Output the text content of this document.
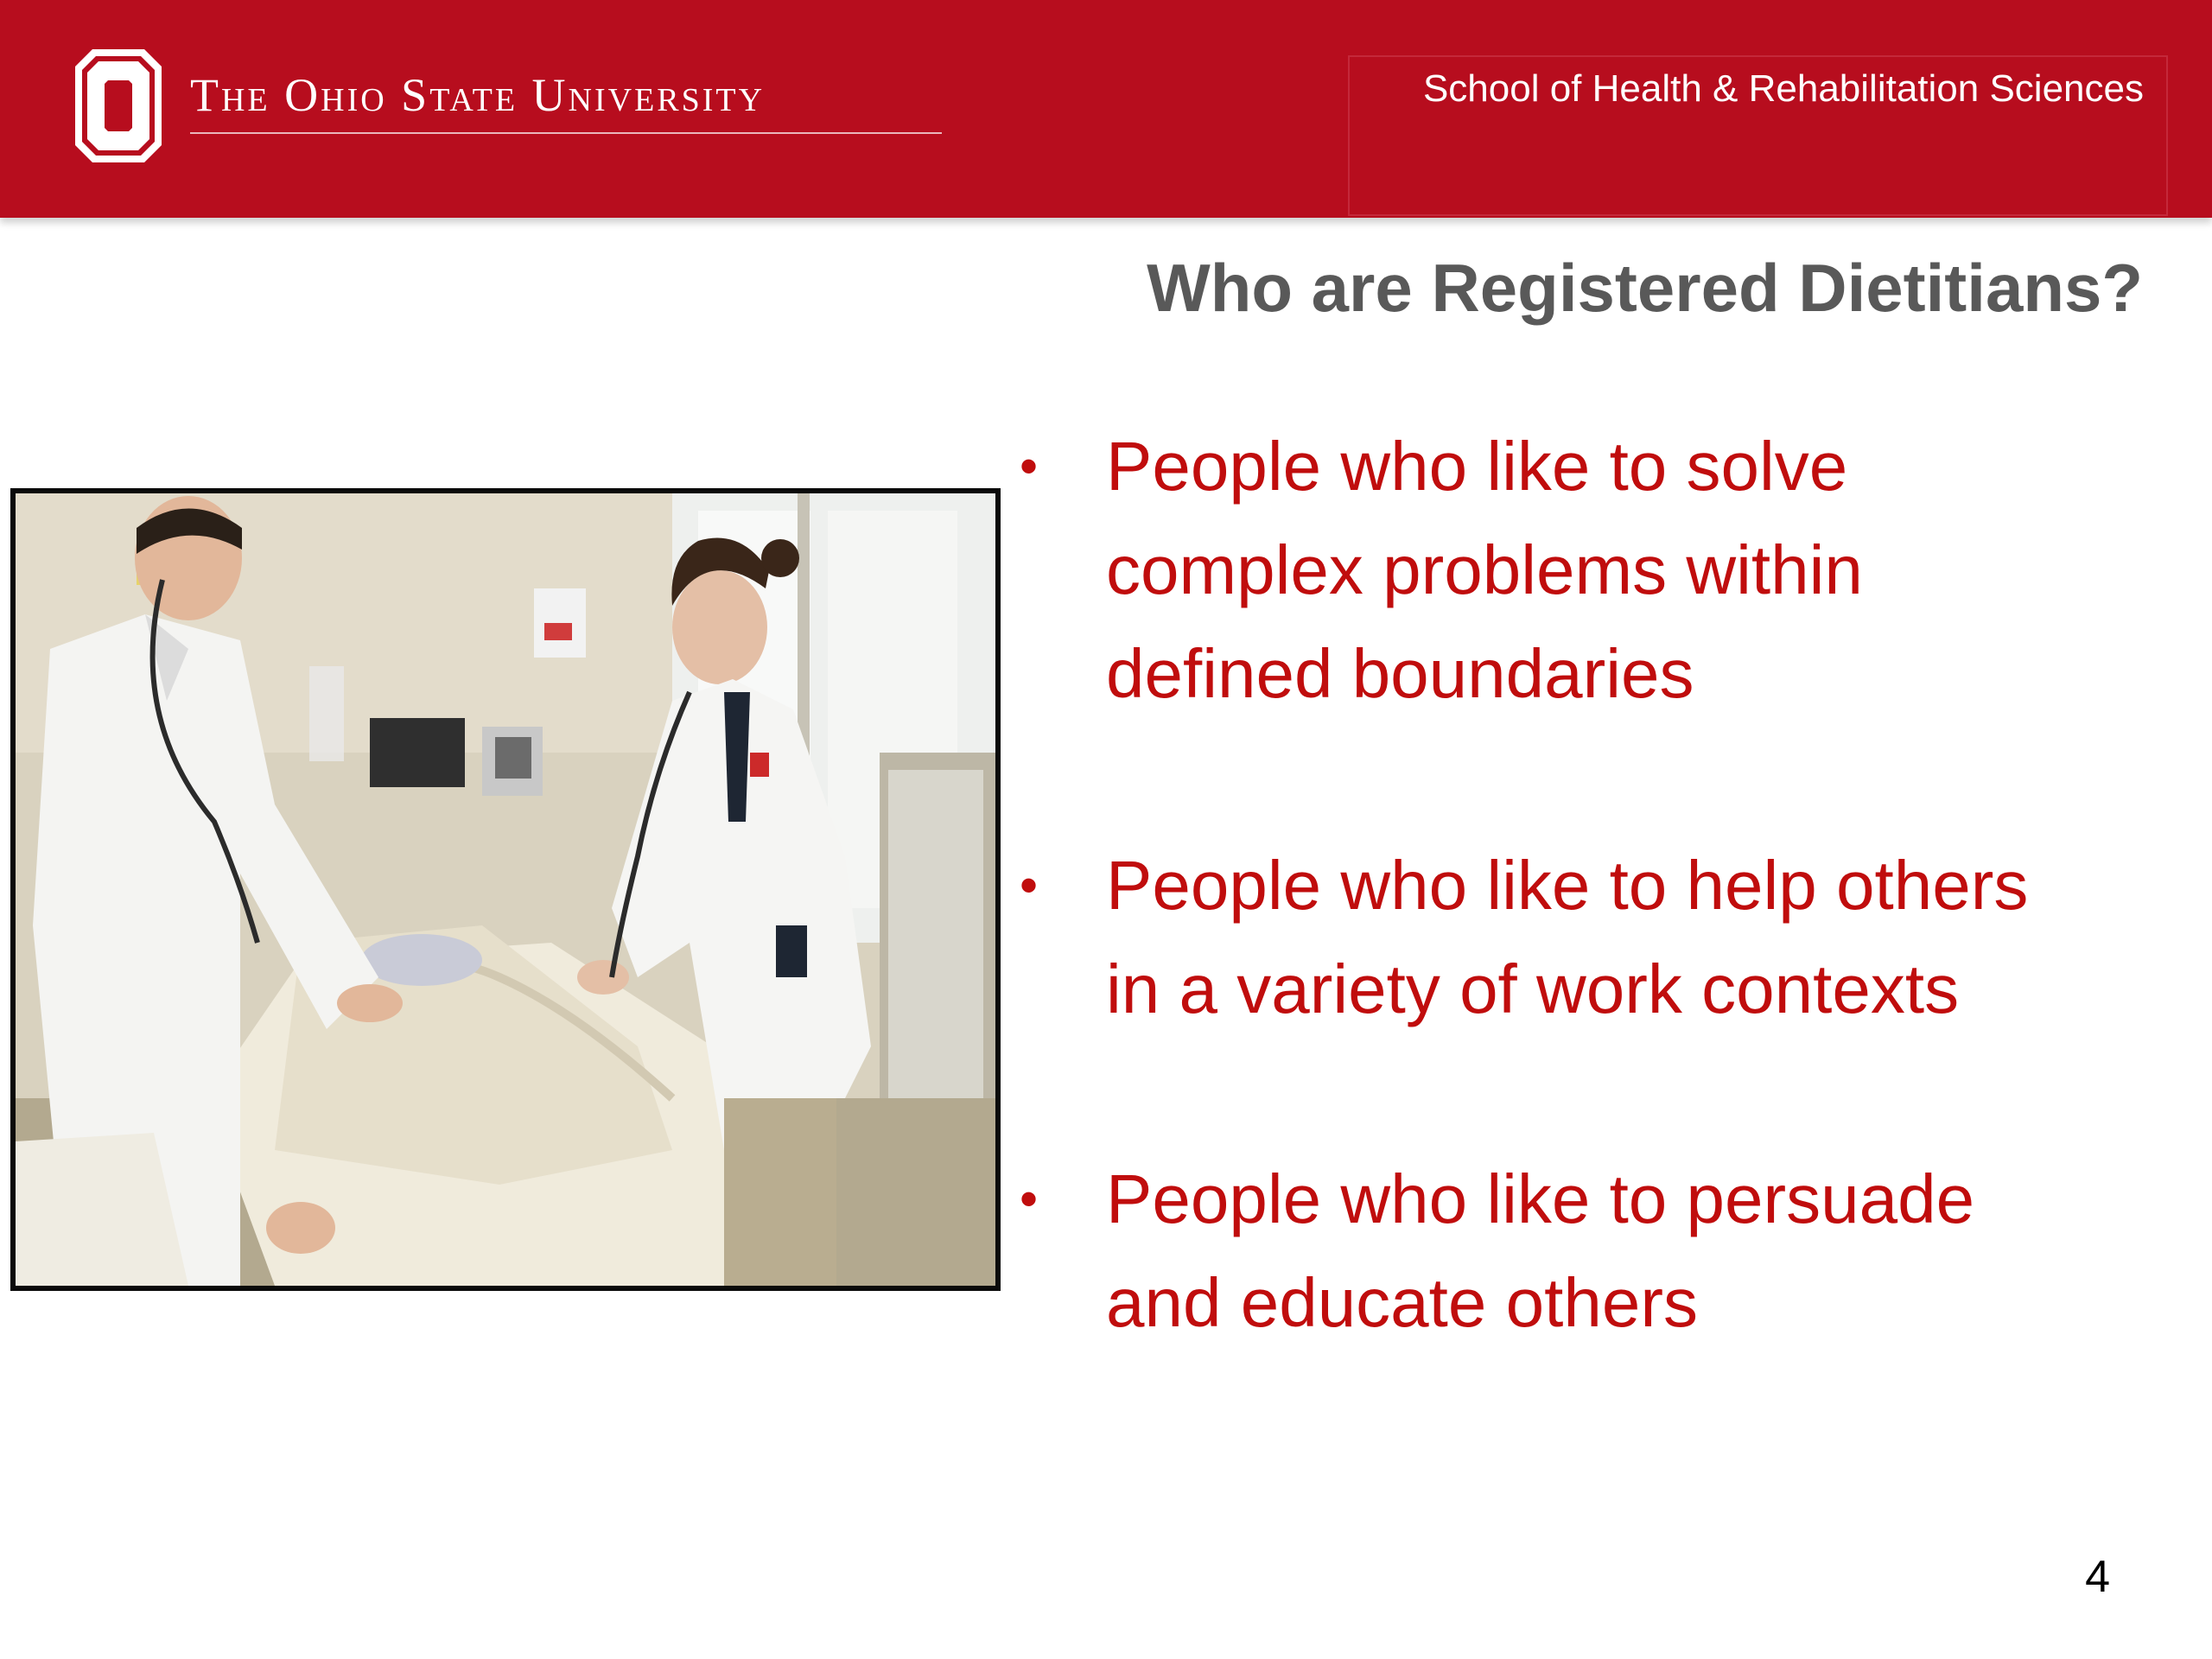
The Ohio State University	School of Health & Rehabilitation Sciences
Who are Registered Dietitians?
• People who like to solve
complex problems within
defined boundaries
• People who like to help others
in a variety of work contexts
• People who like to persuade
and educate others
4
